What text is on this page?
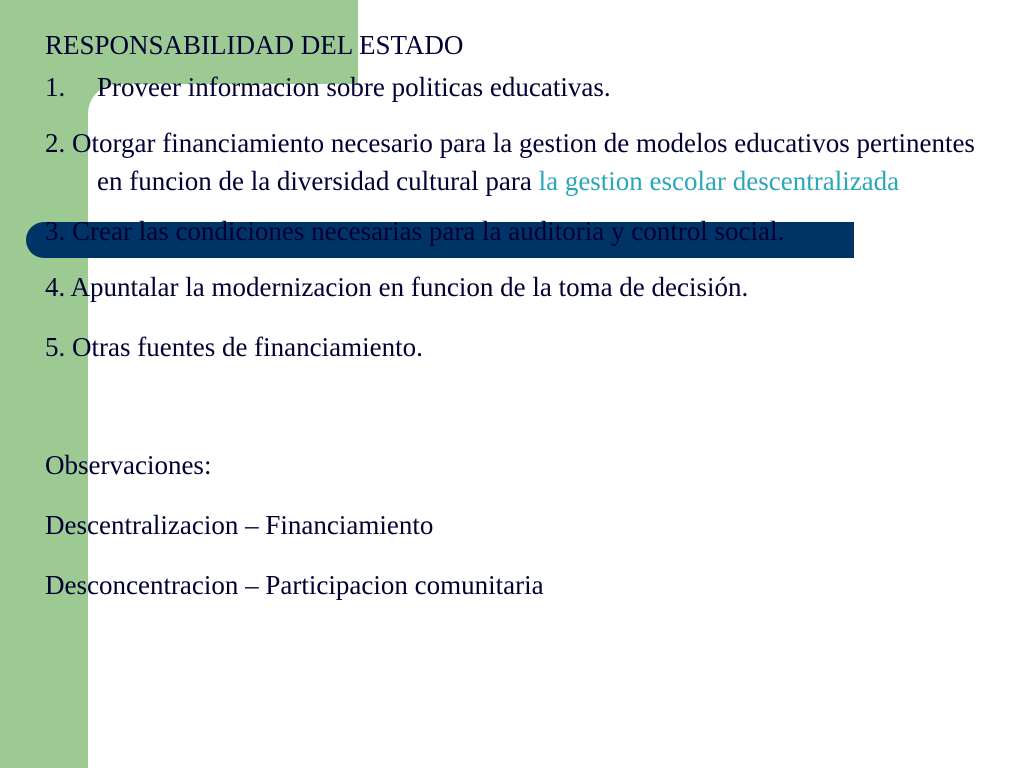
RESPONSABILIDAD DEL ESTADO

1. Proveer informacion sobre politicas educativas.

2. Otorgar financiamiento necesario para la gestion de modelos educativos pertinentes en funcion de la diversidad cultural para la gestion escolar descentralizada

3. Crear las condiciones necesarias para la auditoria y control social.

4. Apuntalar la modernizacion en funcion de la toma de decisión.

5. Otras fuentes de financiamiento.

Observaciones:

Descentralizacion – Financiamiento

Desconcentracion – Participacion comunitaria
